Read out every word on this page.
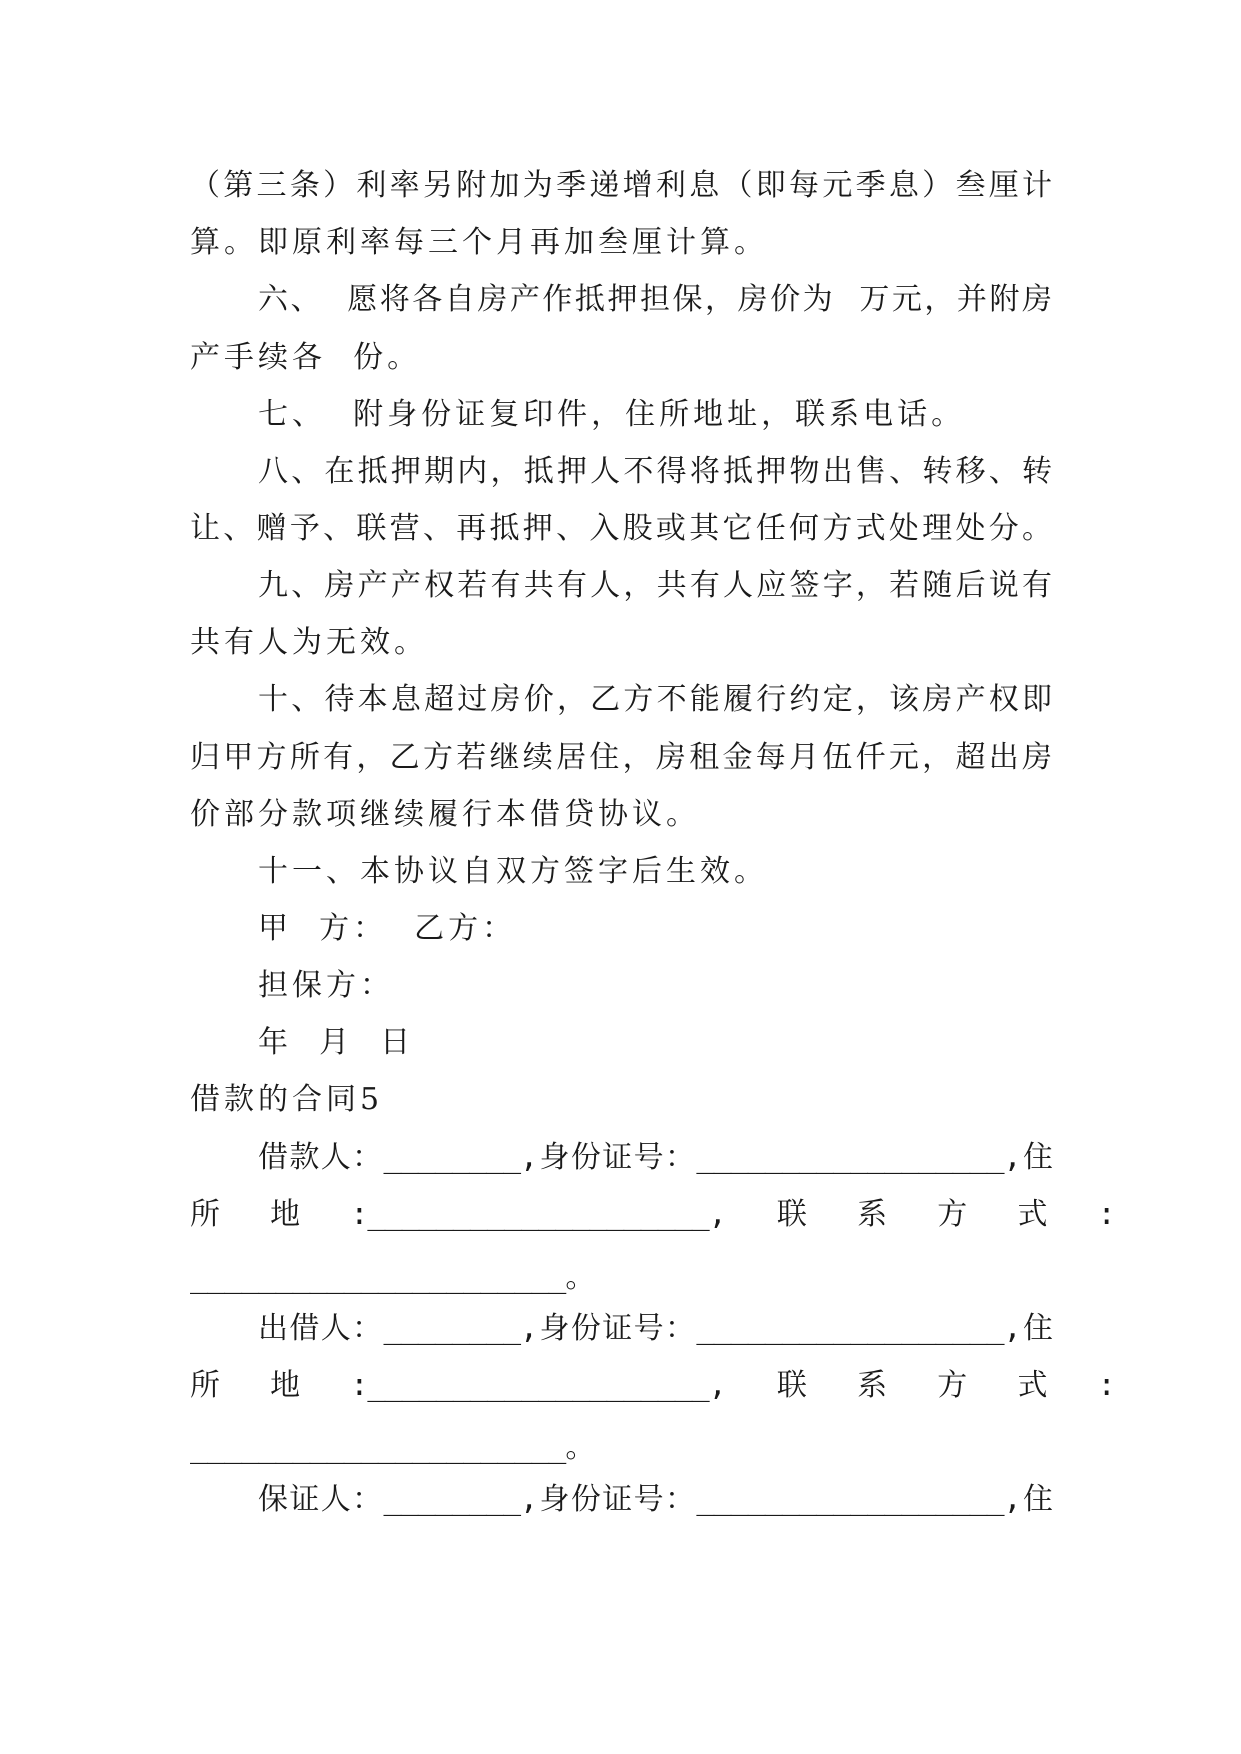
（第三条）利率另附加为季递增利息（即每元季息）叁厘计
算。即原利率每三个月再加叁厘计算。
六、  愿将各自房产作抵押担保，房价为  万元，并附房
产手续各  份。
七、  附身份证复印件，住所地址，联系电话。
八、在抵押期内，抵押人不得将抵押物出售、转移、转
让、赠予、联营、再抵押、入股或其它任何方式处理处分。
九、房产产权若有共有人，共有人应签字，若随后说有
共有人为无效。
十、待本息超过房价，乙方不能履行约定，该房产权即
归甲方所有，乙方若继续居住，房租金每月伍仟元，超出房
价部分款项继续履行本借贷协议。
十一、本协议自双方签字后生效。
甲  方：  乙方：
担保方：
年  月  日
借款的合同5
借款人：________,身份证号：__________________,住
所   地   :____________________,   联   系   方   式   :
______________________。
出借人：________,身份证号：__________________,住
所   地   :____________________,   联   系   方   式   :
______________________。
保证人：________,身份证号：__________________,住
